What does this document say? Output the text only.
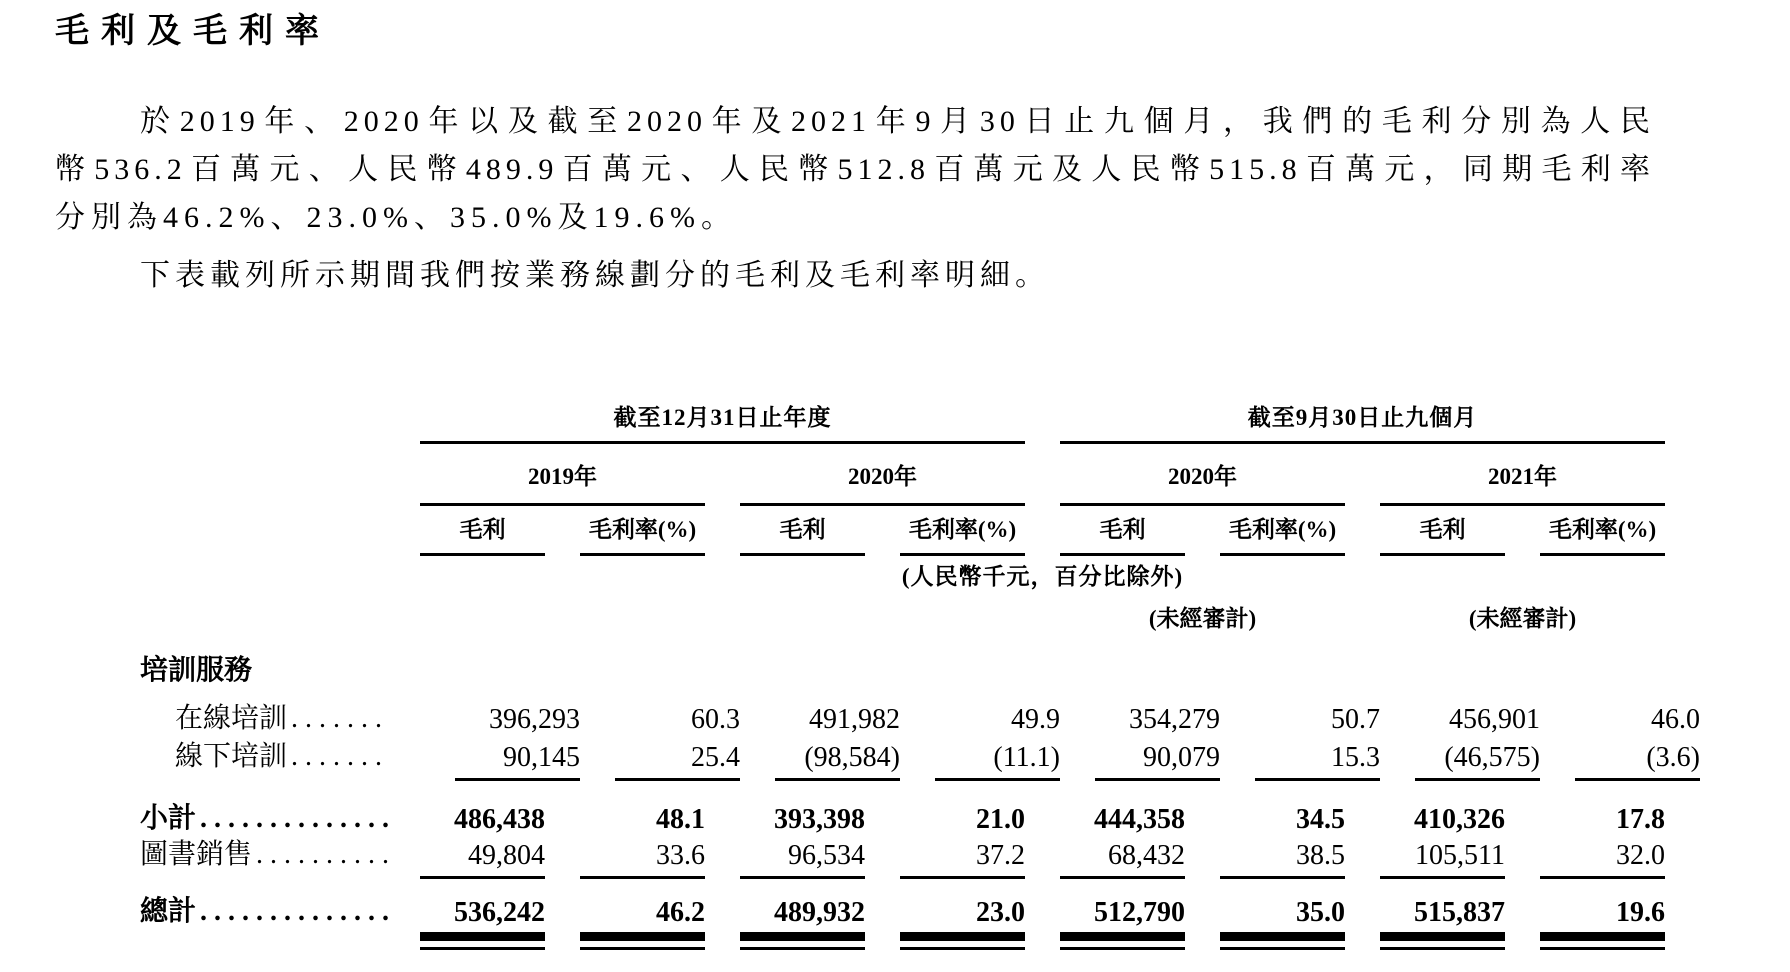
毛利及毛利率
於2019年、2020年以及截至2020年及2021年9月30日止九個月，我們的毛利分別為人民
幣536.2百萬元、人民幣489.9百萬元、人民幣512.8百萬元及人民幣515.8百萬元，同期毛利率
分別為46.2%、23.0%、35.0%及19.6%。
下表載列所示期間我們按業務線劃分的毛利及毛利率明細。
截至12月31日止年度	截至9月30日止九個月
2019年	2020年	2020年	2021年
毛利	毛利率(%)	毛利	毛利率(%)	毛利	毛利率(%)	毛利	毛利率(%)
(人民幣千元，百分比除外)
(未經審計)	(未經審計)
培訓服務
在線培訓 .......	396,293	60.3	491,982	49.9	354,279	50.7	456,901	46.0
線下培訓 .......	90,145	25.4	(98,584)	(11.1)	90,079	15.3	(46,575)	(3.6)
小計 ..............	486,438	48.1	393,398	21.0	444,358	34.5	410,326	17.8
圖書銷售 ..........	49,804	33.6	96,534	37.2	68,432	38.5	105,511	32.0
總計 ..............	536,242	46.2	489,932	23.0	512,790	35.0	515,837	19.6
